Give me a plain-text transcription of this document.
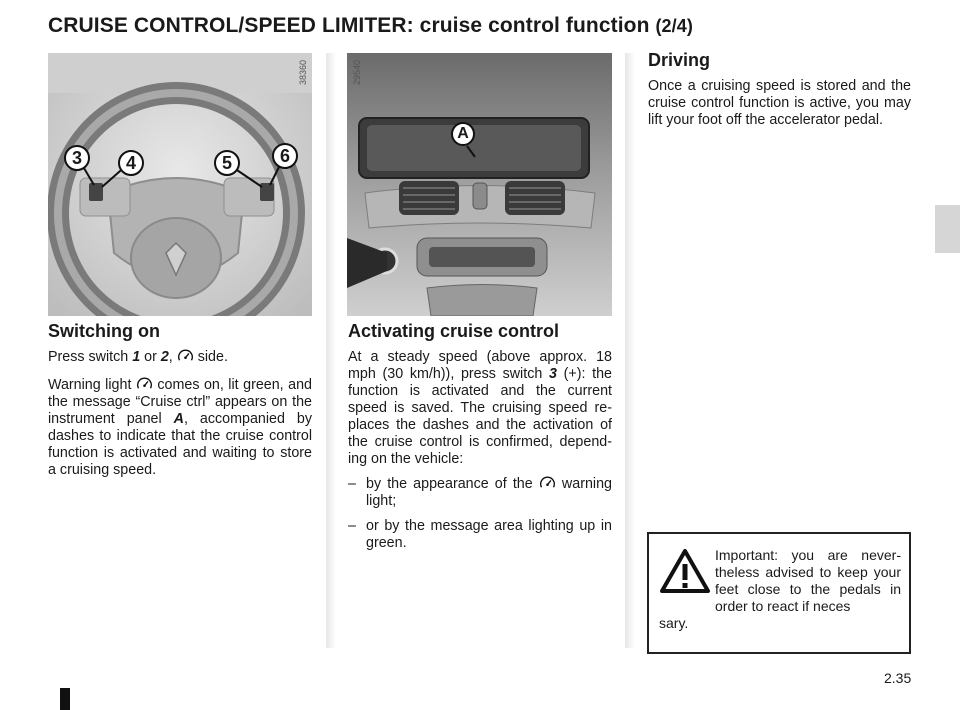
CRUISE CONTROL/SPEED LIMITER: cruise control function (2/4)
3	4	5	6
38360
A
29540
Switching on
Press switch 1 or 2,  side.
Warning light  comes on, lit green, and the message “Cruise ctrl” appears on the instrument panel A, accompanied by dashes to indicate that the cruise control function is activated and waiting to store a cruising speed.
Activating cruise control
At a steady speed (above approx. 18 mph (30 km/h)), press switch 3 (+): the function is activated and the current speed is saved. The cruising speed replaces the dashes and the activation of the cruise control is confirmed, depending on the vehicle:
– by the appearance of the  warning light;
– or by the message area lighting up in green.
Driving
Once a cruising speed is stored and the cruise control function is active, you may lift your foot off the accelerator pedal.
Important: you are nevertheless advised to keep your feet close to the pedals in order to react if neces
sary.
2.35
